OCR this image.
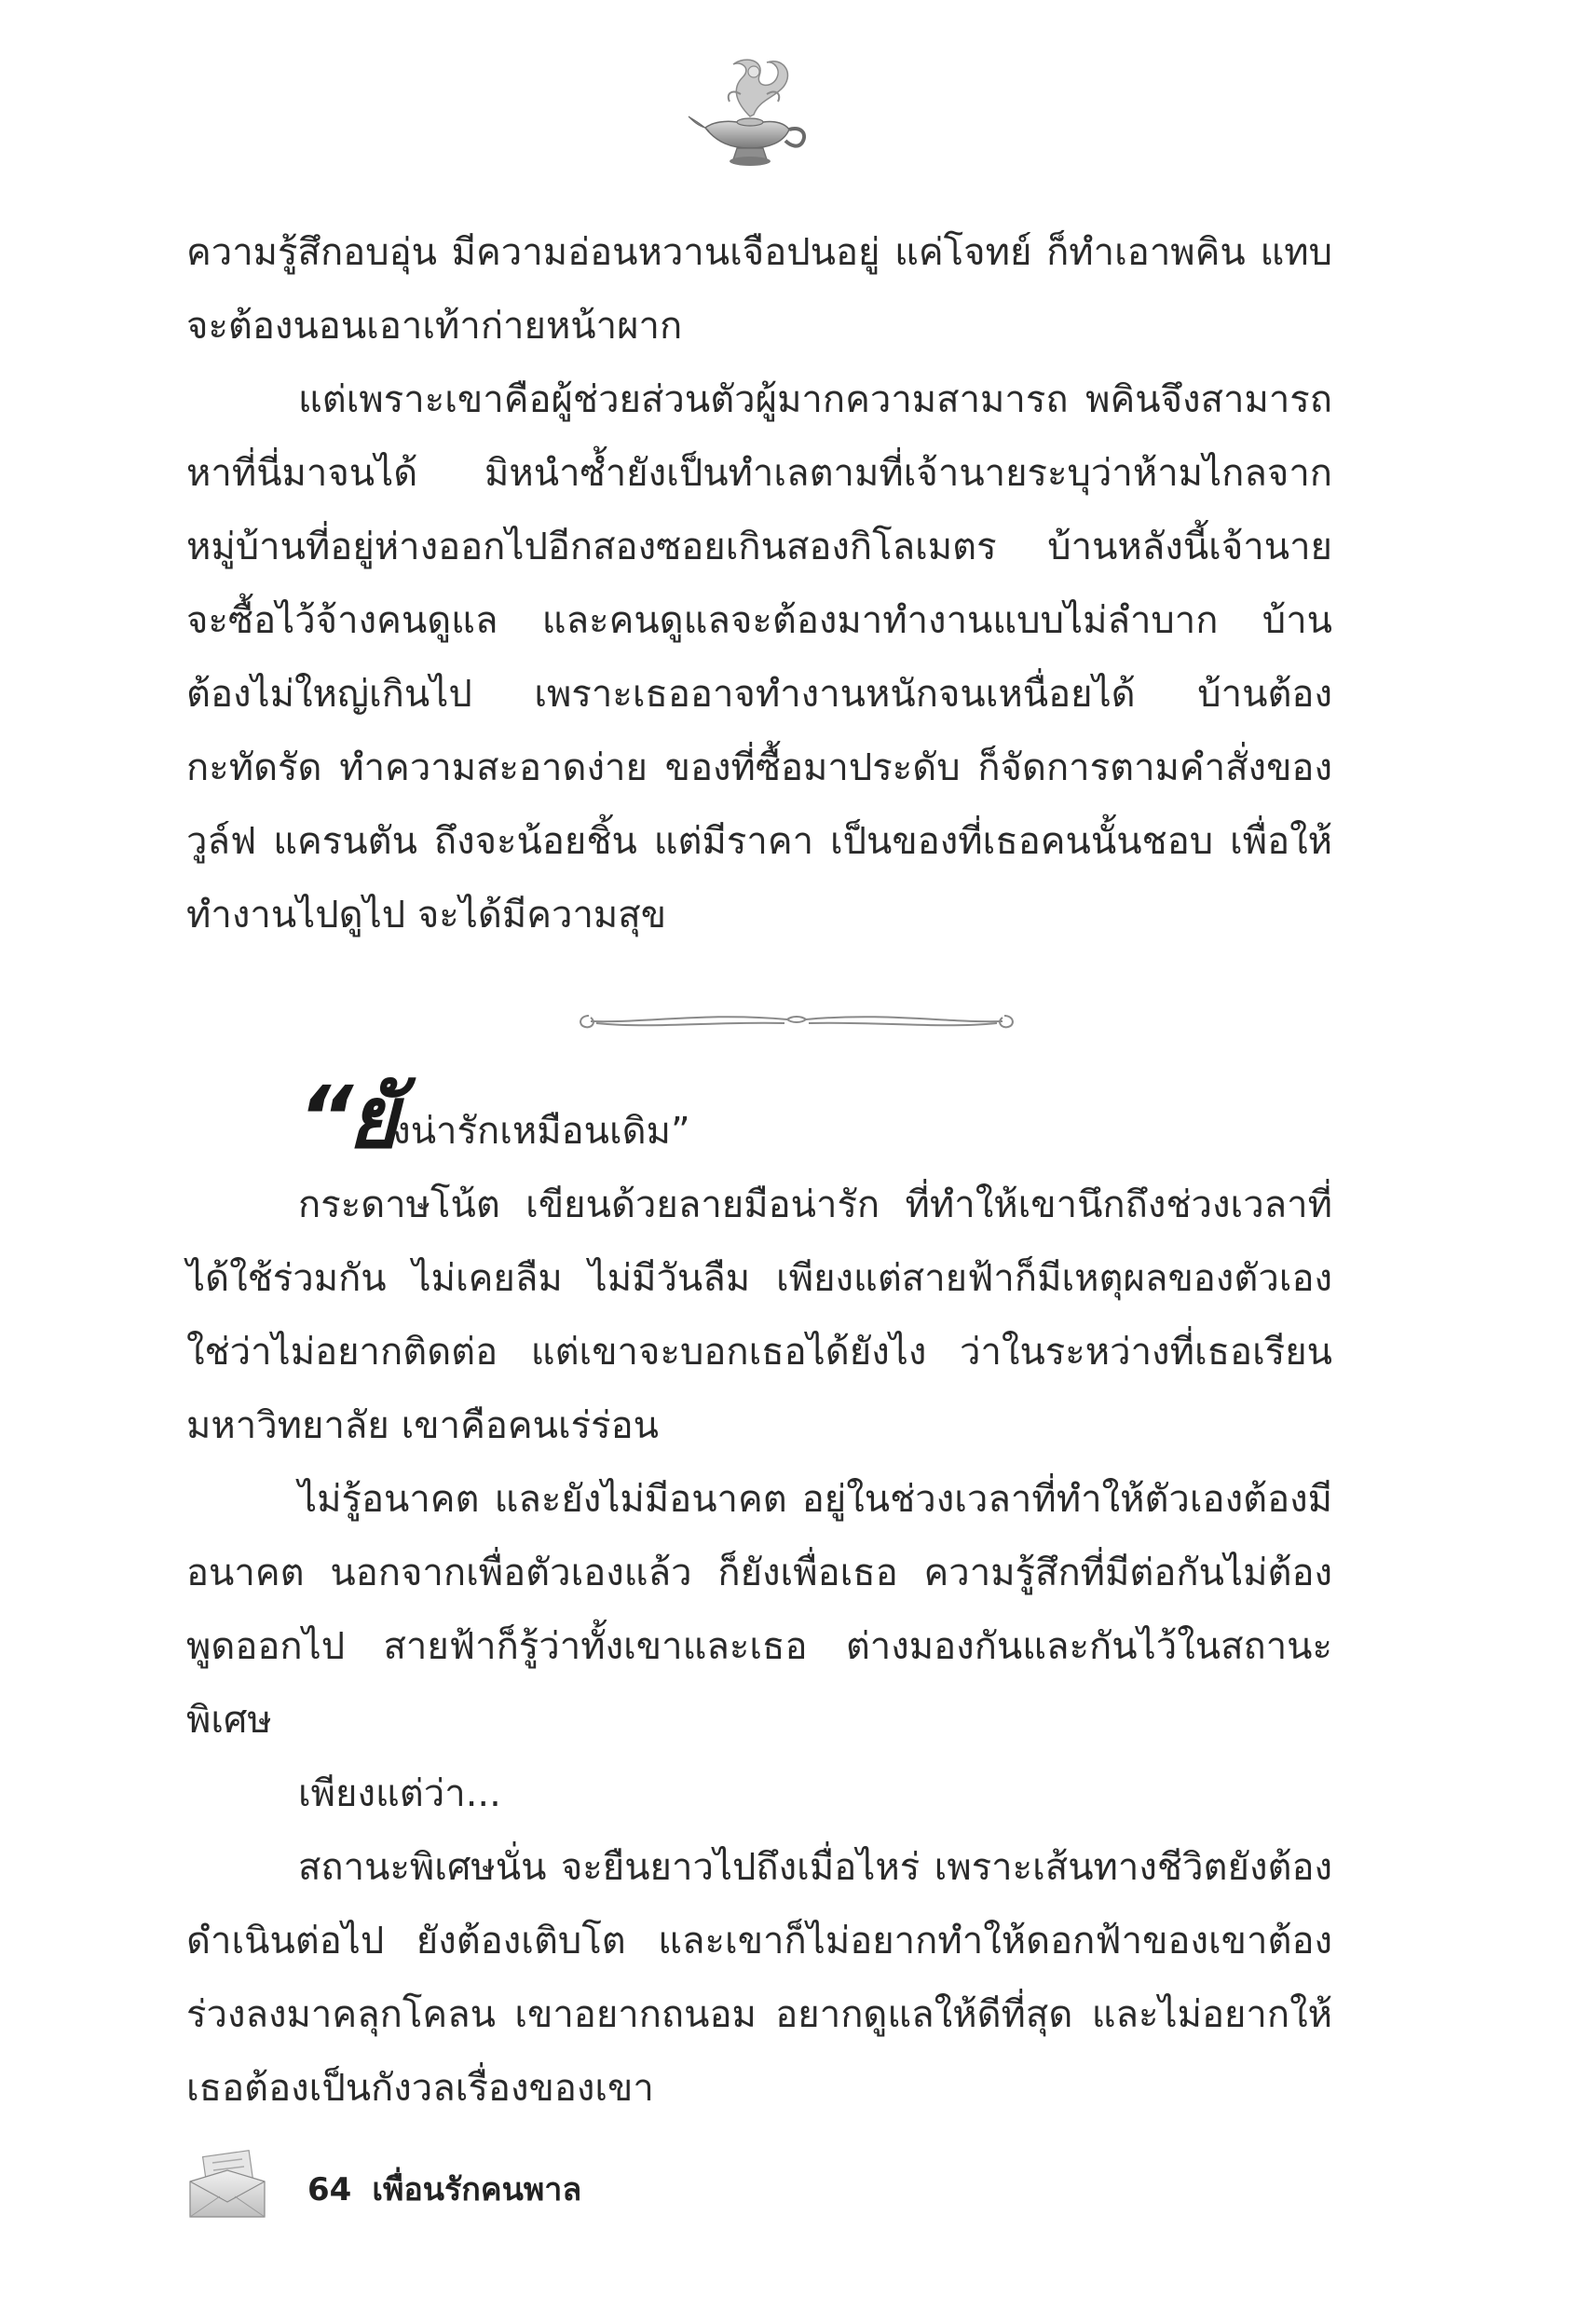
ความรู้สึกอบอุ่น มีความอ่อนหวานเจือปนอยู่ แค่โจทย์ ก็ทำเอาพคิน แทบจะต้องนอนเอาเท้าก่ายหน้าผาก

แต่เพราะเขาคือผู้ช่วยส่วนตัวผู้มากความสามารถ พคินจึงสามารถหาที่นี่มาจนได้ มิหนำซ้ำยังเป็นทำเลตามที่เจ้านายระบุว่าห้ามไกลจากหมู่บ้านที่อยู่ห่างออกไปอีกสองซอยเกินสองกิโลเมตร บ้านหลังนี้เจ้านายจะซื้อไว้จ้างคนดูแล และคนดูแลจะต้องมาทำงานแบบไม่ลำบาก บ้านต้องไม่ใหญ่เกินไป เพราะเธออาจทำงานหนักจนเหนื่อยได้ บ้านต้องกะทัดรัด ทำความสะอาดง่าย ของที่ซื้อมาประดับ ก็จัดการตามคำสั่งของ วูล์ฟ แครนตัน ถึงจะน้อยชิ้น แต่มีราคา เป็นของที่เธอคนนั้นชอบ เพื่อให้ทำงานไปดูไป จะได้มีความสุข

“ยังน่ารักเหมือนเดิม”

กระดาษโน้ต เขียนด้วยลายมือน่ารัก ที่ทำให้เขานึกถึงช่วงเวลาที่ได้ใช้ร่วมกัน ไม่เคยลืม ไม่มีวันลืม เพียงแต่สายฟ้าก็มีเหตุผลของตัวเอง ใช่ว่าไม่อยากติดต่อ แต่เขาจะบอกเธอได้ยังไง ว่าในระหว่างที่เธอเรียนมหาวิทยาลัย เขาคือคนเร่ร่อน

ไม่รู้อนาคต และยังไม่มีอนาคต อยู่ในช่วงเวลาที่ทำให้ตัวเองต้องมีอนาคต นอกจากเพื่อตัวเองแล้ว ก็ยังเพื่อเธอ ความรู้สึกที่มีต่อกันไม่ต้องพูดออกไป สายฟ้าก็รู้ว่าทั้งเขาและเธอ ต่างมองกันและกันไว้ในสถานะพิเศษ

เพียงแต่ว่า...

สถานะพิเศษนั่น จะยืนยาวไปถึงเมื่อไหร่ เพราะเส้นทางชีวิตยังต้องดำเนินต่อไป ยังต้องเติบโต และเขาก็ไม่อยากทำให้ดอกฟ้าของเขาต้องร่วงลงมาคลุกโคลน เขาอยากถนอม อยากดูแลให้ดีที่สุด และไม่อยากให้เธอต้องเป็นกังวลเรื่องของเขา

64 เพื่อนรักคนพาล
